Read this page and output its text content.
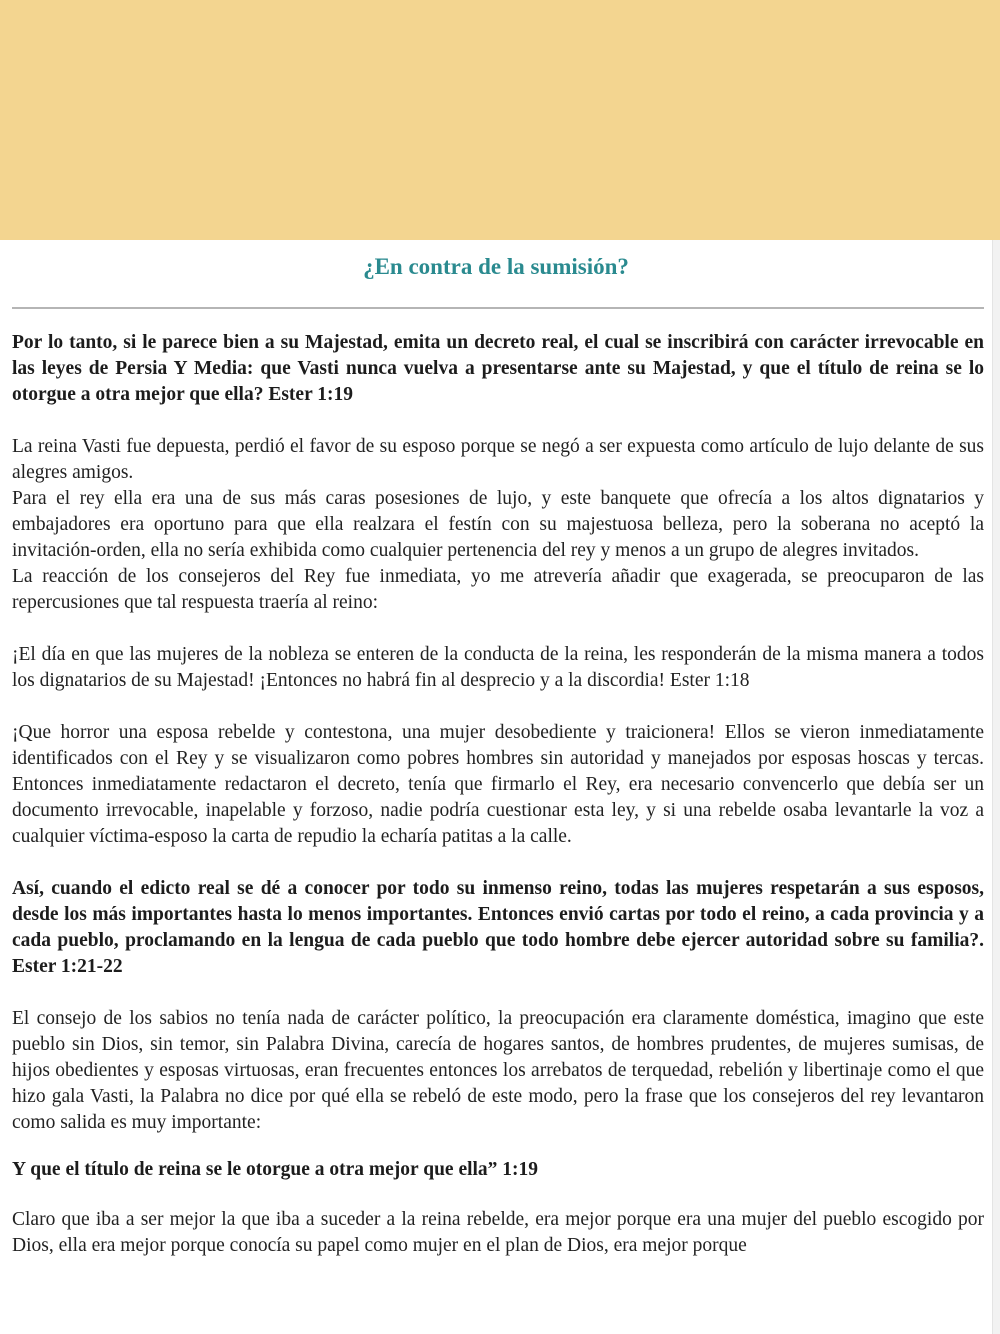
¿En contra de la sumisión?

Por lo tanto, si le parece bien a su Majestad, emita un decreto real, el cual se inscribirá con carácter irrevocable en las leyes de Persia Y Media: que Vasti nunca vuelva a presentarse ante su Majestad, y que el título de reina se lo otorgue a otra mejor que ella? Ester 1:19

La reina Vasti fue depuesta, perdió el favor de su esposo porque se negó a ser expuesta como artículo de lujo delante de sus alegres amigos.

Para el rey ella era una de sus más caras posesiones de lujo, y este banquete que ofrecía a los altos dignatarios y embajadores era oportuno para que ella realzara el festín con su majestuosa belleza, pero la soberana no aceptó la invitación-orden, ella no sería exhibida como cualquier pertenencia del rey y menos a un grupo de alegres invitados.

La reacción de los consejeros del Rey fue inmediata, yo me atrevería añadir que exagerada, se preocuparon de las repercusiones que tal respuesta traería al reino:

¡El día en que las mujeres de la nobleza se enteren de la conducta de la reina, les responderán de la misma manera a todos los dignatarios de su Majestad! ¡Entonces no habrá fin al desprecio y a la discordia! Ester 1:18

¡Que horror una esposa rebelde y contestona, una mujer desobediente y traicionera! Ellos se vieron inmediatamente identificados con el Rey y se visualizaron como pobres hombres sin autoridad y manejados por esposas hoscas y tercas. Entonces inmediatamente redactaron el decreto, tenía que firmarlo el Rey, era necesario convencerlo que debía ser un documento irrevocable, inapelable y forzoso, nadie podría cuestionar esta ley, y si una rebelde osaba levantarle la voz a cualquier víctima-esposo la carta de repudio la echaría patitas a la calle.

Así, cuando el edicto real se dé a conocer por todo su inmenso reino, todas las mujeres respetarán a sus esposos, desde los más importantes hasta lo menos importantes. Entonces envió cartas por todo el reino, a cada provincia y a cada pueblo, proclamando en la lengua de cada pueblo que todo hombre debe ejercer autoridad sobre su familia?. Ester 1:21-22

El consejo de los sabios no tenía nada de carácter político, la preocupación era claramente doméstica, imagino que este pueblo sin Dios, sin temor, sin Palabra Divina, carecía de hogares santos, de hombres prudentes, de mujeres sumisas, de hijos obedientes y esposas virtuosas, eran frecuentes entonces los arrebatos de terquedad, rebelión y libertinaje como el que hizo gala Vasti, la Palabra no dice por qué ella se rebeló de este modo, pero la frase que los consejeros del rey levantaron como salida es muy importante:

Y que el título de reina se le otorgue a otra mejor que ella” 1:19

Claro que iba a ser mejor la que iba a suceder a la reina rebelde, era mejor porque era una mujer del pueblo escogido por Dios, ella era mejor porque conocía su papel como mujer en el plan de Dios, era mejor porque
